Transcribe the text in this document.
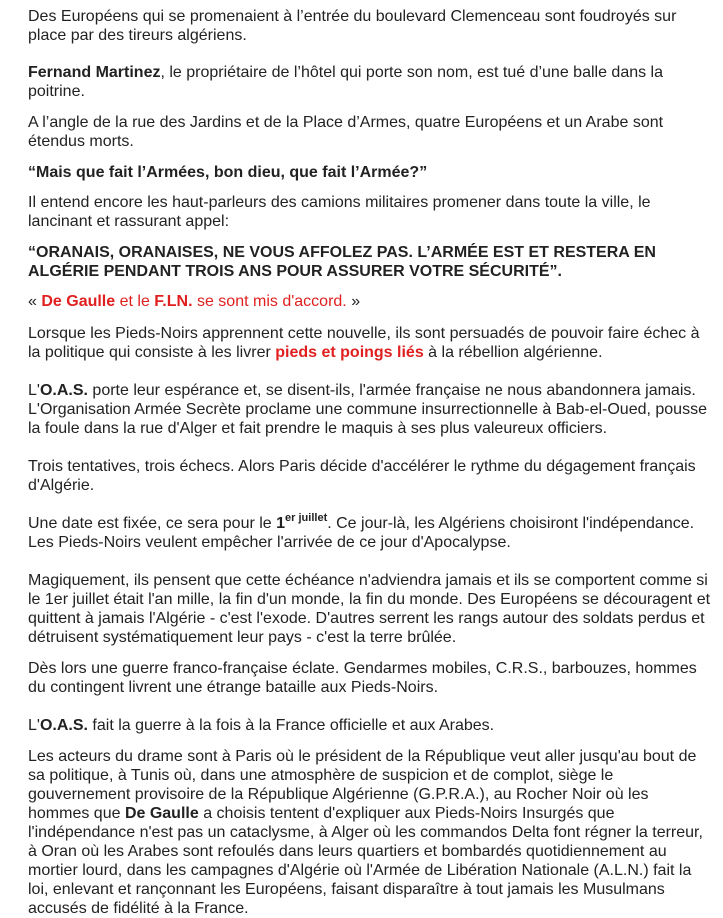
Des Européens qui se promenaient à l’entrée du boulevard Clemenceau sont foudroyés sur place par des tireurs algériens.

Fernand Martinez, le propriétaire de l’hôtel qui porte son nom, est tué d’une balle dans la poitrine.

A l’angle de la rue des Jardins et de la Place d’Armes, quatre Européens et un Arabe sont étendus morts.

“Mais que fait l’Armées, bon dieu, que fait l’Armée?”

Il entend encore les haut-parleurs des camions militaires promener dans toute la ville, le lancinant et rassurant appel:

“ORANAIS, ORANAISES, NE VOUS AFFOLEZ PAS. L’ARMÉE EST ET RESTERA EN ALGÉRIE PENDANT TROIS ANS POUR ASSURER VOTRE SÉCURITÉ”.

« De Gaulle et le F.LN. se sont mis d'accord. »

Lorsque les Pieds-Noirs apprennent cette nouvelle, ils sont persuadés de pouvoir faire échec à la politique qui consiste à les livrer pieds et poings liés à la rébellion algérienne.

L'O.A.S. porte leur espérance et, se disent-ils, l'armée française ne nous abandonnera jamais. L'Organisation Armée Secrète proclame une commune insurrectionnelle à Bab-el-Oued, pousse la foule dans la rue d'Alger et fait prendre le maquis à ses plus valeureux officiers.

Trois tentatives, trois échecs. Alors Paris décide d'accélérer le rythme du dégagement français d'Algérie.

Une date est fixée, ce sera pour le $1^{er juillet}$. Ce jour-là, les Algériens choisiront l'indépendance. Les Pieds-Noirs veulent empêcher l'arrivée de ce jour d'Apocalypse.

Magiquement, ils pensent que cette échéance n'adviendra jamais et ils se comportent comme si le 1er juillet était l'an mille, la fin d'un monde, la fin du monde. Des Européens se découragent et quittent à jamais l'Algérie - c'est l'exode. D'autres serrent les rangs autour des soldats perdus et détruisent systématiquement leur pays - c'est la terre brûlée.

Dès lors une guerre franco-française éclate. Gendarmes mobiles, C.R.S., barbouzes, hommes du contingent livrent une étrange bataille aux Pieds-Noirs.

L'O.A.S. fait la guerre à la fois à la France officielle et aux Arabes.

Les acteurs du drame sont à Paris où le président de la République veut aller jusqu'au bout de sa politique, à Tunis où, dans une atmosphère de suspicion et de complot, siège le gouvernement provisoire de la République Algérienne (G.P.R.A.), au Rocher Noir où les hommes que De Gaulle a choisis tentent d'expliquer aux Pieds-Noirs Insurgés que l'indépendance n'est pas un cataclysme, à Alger où les commandos Delta font régner la terreur, à Oran où les Arabes sont refoulés dans leurs quartiers et bombardés quotidiennement au mortier lourd, dans les campagnes d'Algérie où l'Armée de Libération Nationale (A.L.N.) fait la loi, enlevant et rançonnant les Européens, faisant disparaître à tout jamais les Musulmans accusés de fidélité à la France.
